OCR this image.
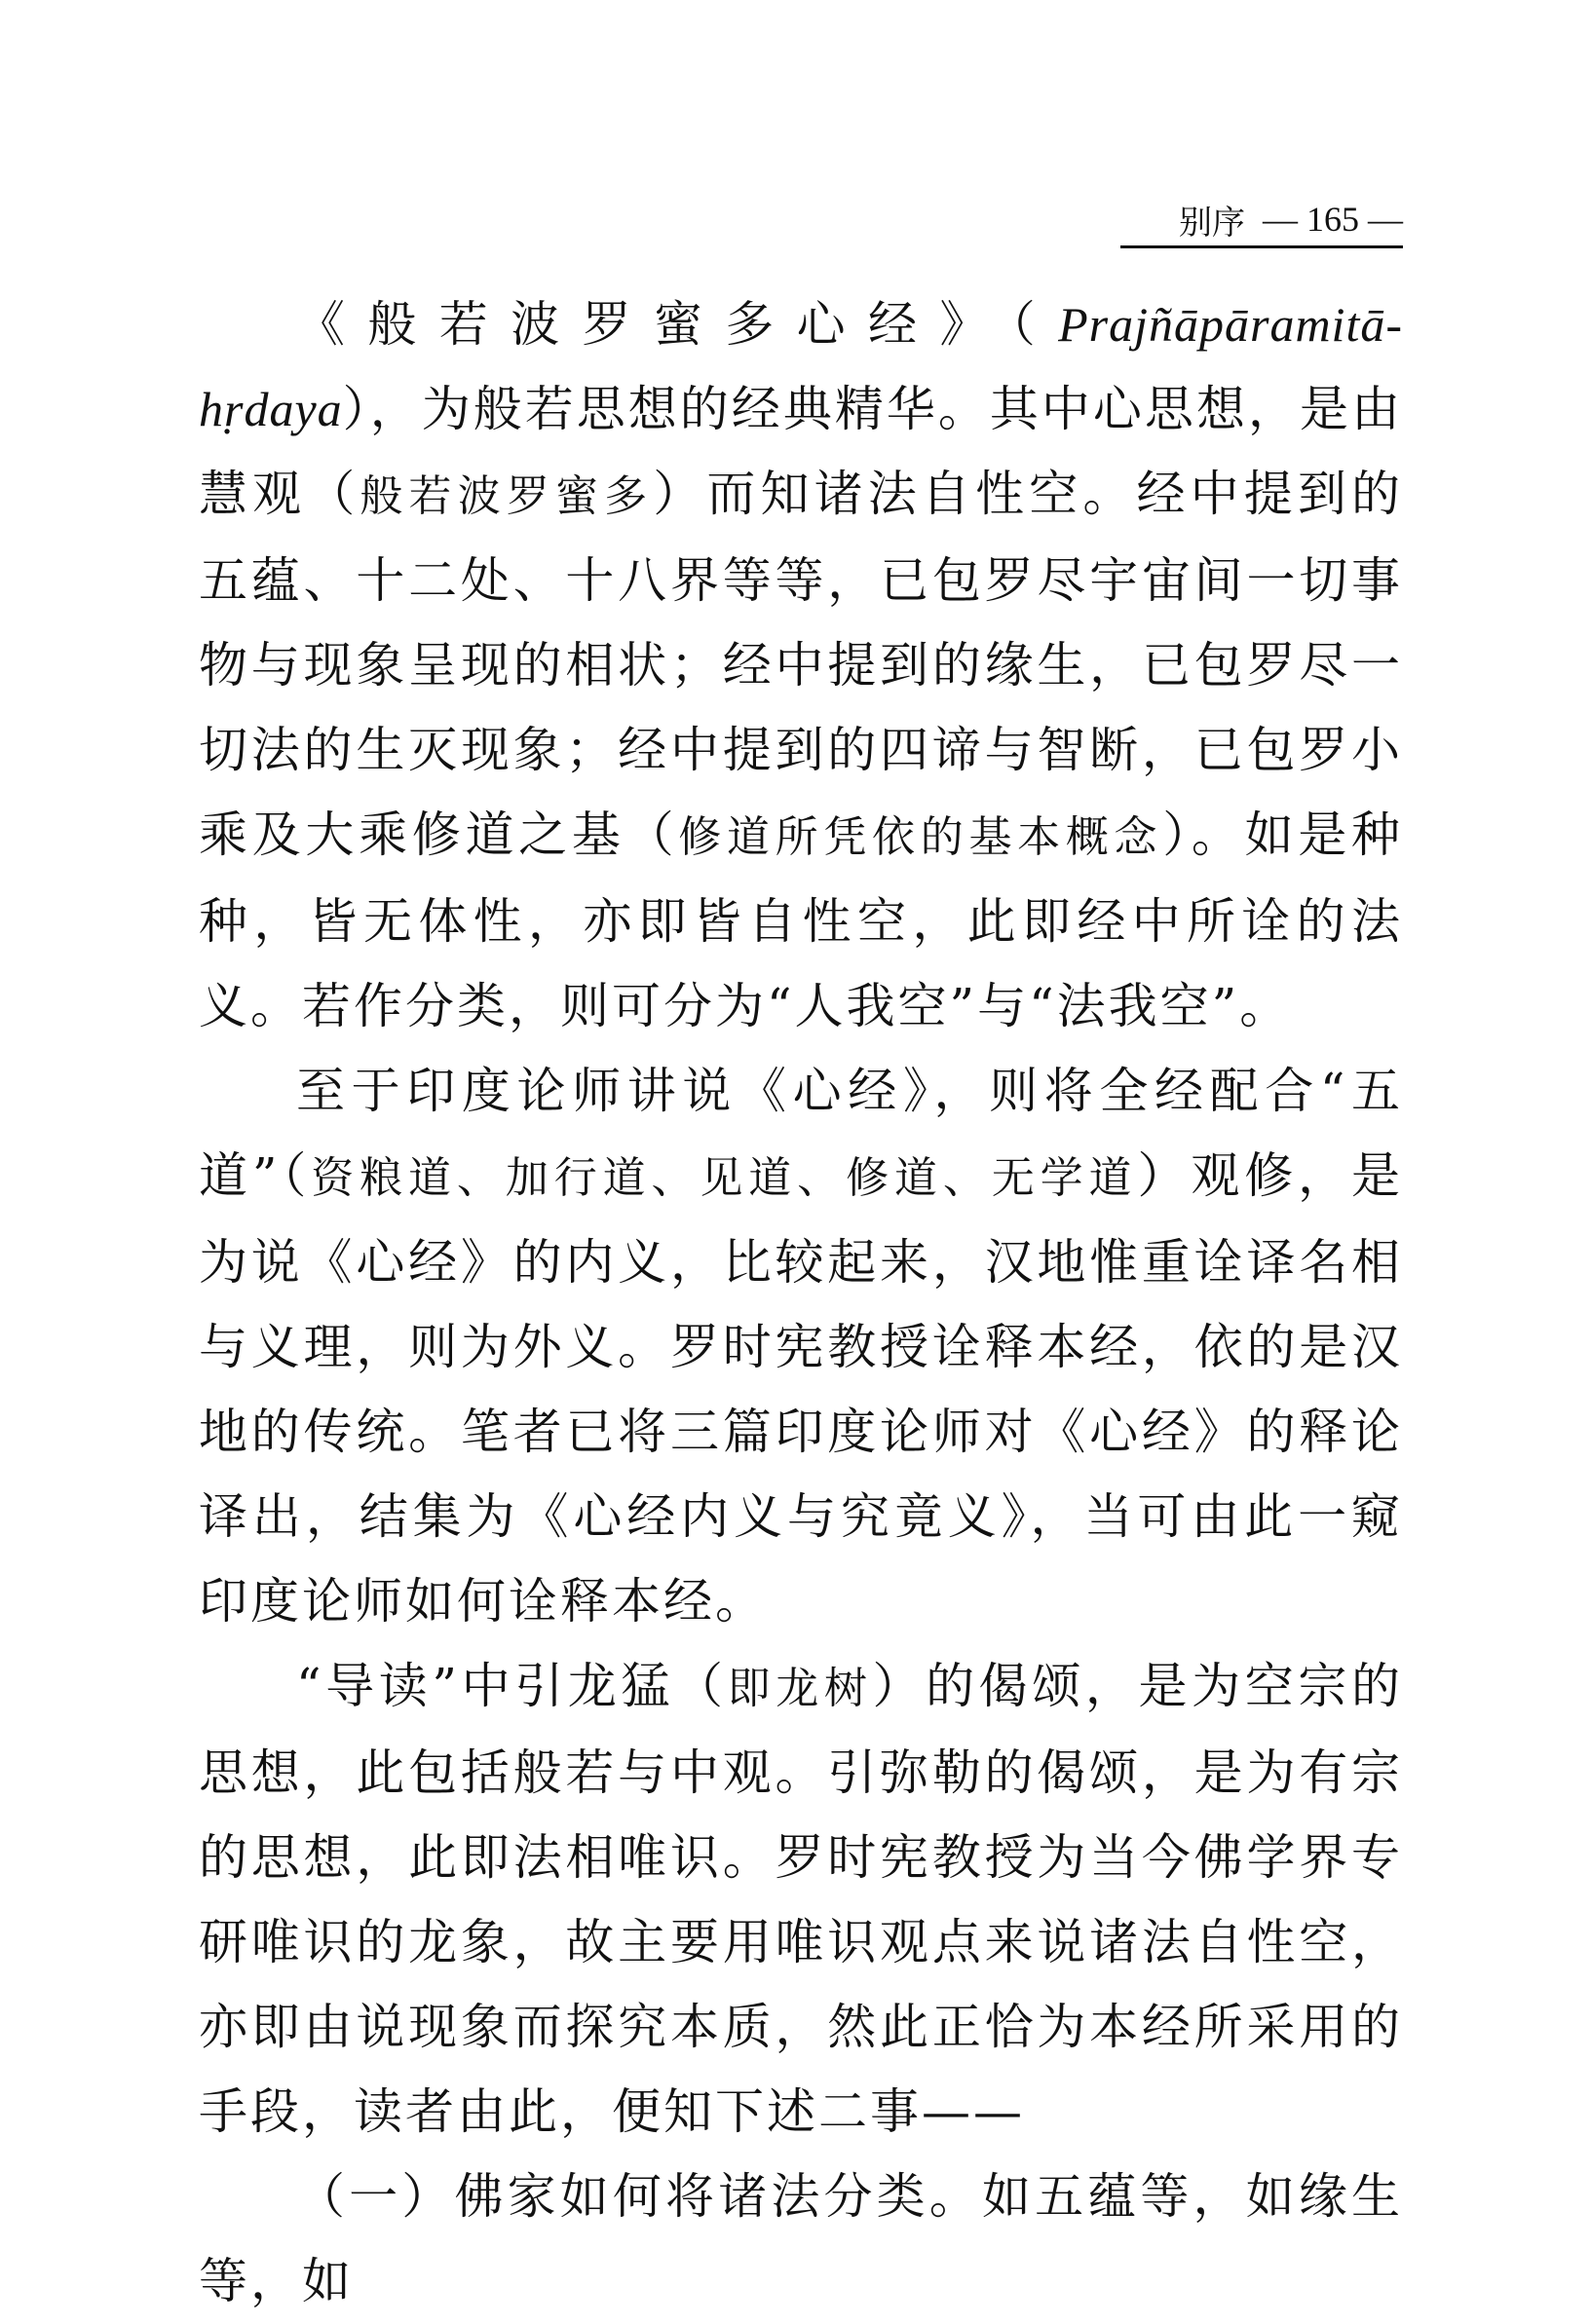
别序 — 165 —

《般若波罗蜜多心经》（Prajñāpāramitā-hṛdaya），为般若思想的经典精华。其中心思想，是由慧观（般若波罗蜜多）而知诸法自性空。经中提到的五蕴、十二处、十八界等等，已包罗尽宇宙间一切事物与现象呈现的相状；经中提到的缘生，已包罗尽一切法的生灭现象；经中提到的四谛与智断，已包罗小乘及大乘修道之基（修道所凭依的基本概念）。如是种种，皆无体性，亦即皆自性空，此即经中所诠的法义。若作分类，则可分为“人我空”与“法我空”。

至于印度论师讲说《心经》，则将全经配合“五道”（资粮道、加行道、见道、修道、无学道）观修，是为说《心经》的内义，比较起来，汉地惟重诠译名相与义理，则为外义。罗时宪教授诠释本经，依的是汉地的传统。笔者已将三篇印度论师对《心经》的释论译出，结集为《心经内义与究竟义》，当可由此一窥印度论师如何诠释本经。

“导读”中引龙猛（即龙树）的偈颂，是为空宗的思想，此包括般若与中观。引弥勒的偈颂，是为有宗的思想，此即法相唯识。罗时宪教授为当今佛学界专研唯识的龙象，故主要用唯识观点来说诸法自性空，亦即由说现象而探究本质，然此正恰为本经所采用的手段，读者由此，便知下述二事——

（一）佛家如何将诸法分类。如五蕴等，如缘生等，如
